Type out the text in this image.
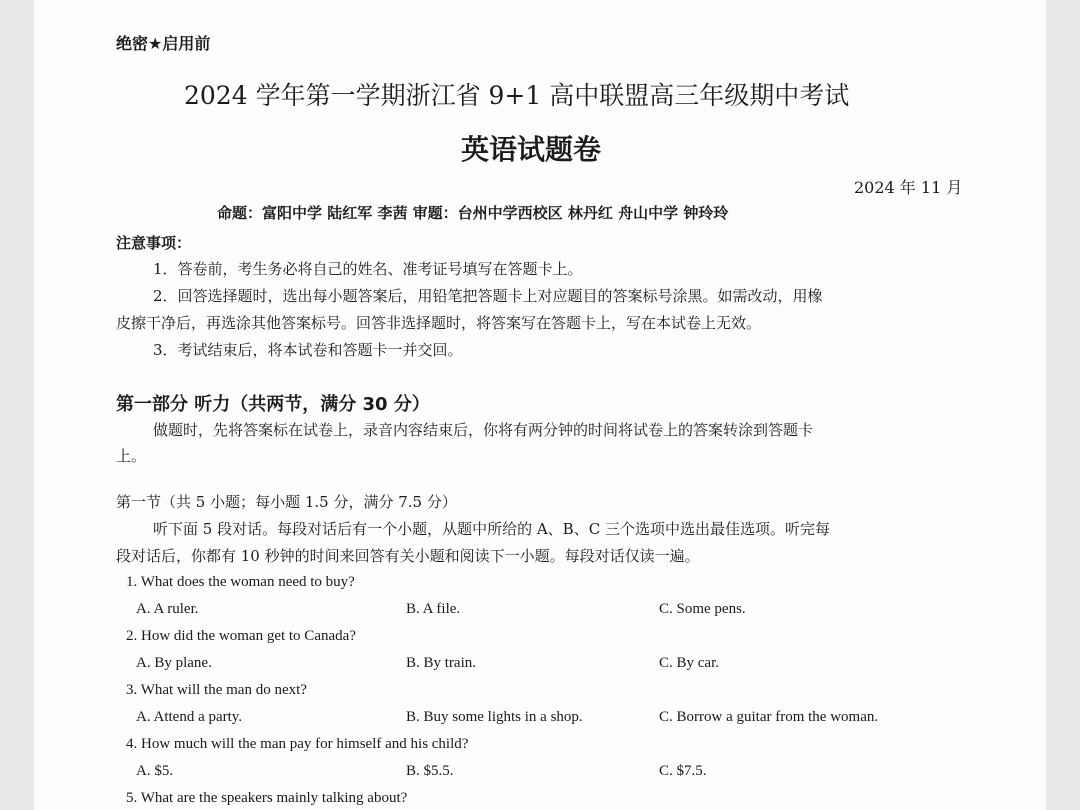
绝密★启用前
2024 学年第一学期浙江省 9+1 高中联盟高三年级期中考试
英语试题卷
2024 年 11 月
命题：富阳中学 陆红军 李茜 审题：台州中学西校区 林丹红 舟山中学 钟玲玲
注意事项：
1．答卷前，考生务必将自己的姓名、准考证号填写在答题卡上。
2．回答选择题时，选出每小题答案后，用铅笔把答题卡上对应题目的答案标号涂黑。如需改动，用橡
皮擦干净后，再选涂其他答案标号。回答非选择题时，将答案写在答题卡上，写在本试卷上无效。
3．考试结束后，将本试卷和答题卡一并交回。
第一部分 听力（共两节，满分 30 分）
做题时，先将答案标在试卷上，录音内容结束后，你将有两分钟的时间将试卷上的答案转涂到答题卡
上。
第一节（共 5 小题；每小题 1.5 分，满分 7.5 分）
听下面 5 段对话。每段对话后有一个小题，从题中所给的 A、B、C 三个选项中选出最佳选项。听完每
段对话后，你都有 10 秒钟的时间来回答有关小题和阅读下一小题。每段对话仅读一遍。
1. What does the woman need to buy?
A. A ruler.	B. A file.	C. Some pens.
2. How did the woman get to Canada?
A. By plane.	B. By train.	C. By car.
3. What will the man do next?
A. Attend a party.	B. Buy some lights in a shop.	C. Borrow a guitar from the woman.
4. How much will the man pay for himself and his child?
A. $5.	B. $5.5.	C. $7.5.
5. What are the speakers mainly talking about?
